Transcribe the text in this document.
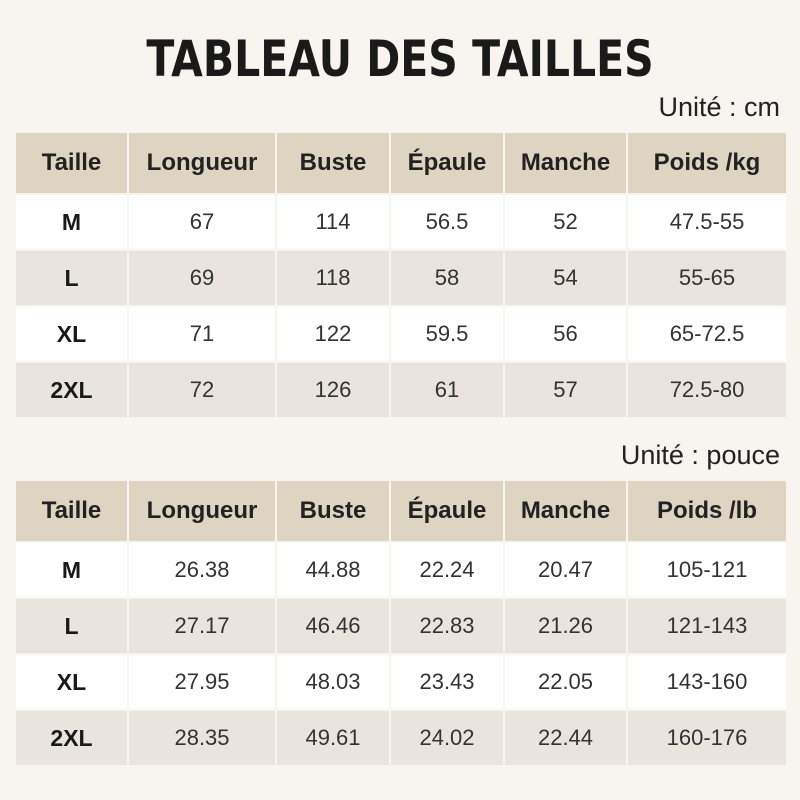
TABLEAU DES TAILLES
Unité : cm
Taille	Longueur	Buste	Épaule	Manche	Poids /kg
M	67	114	56.5	52	47.5-55
L	69	118	58	54	55-65
XL	71	122	59.5	56	65-72.5
2XL	72	126	61	57	72.5-80
Unité : pouce
Taille	Longueur	Buste	Épaule	Manche	Poids /lb
M	26.38	44.88	22.24	20.47	105-121
L	27.17	46.46	22.83	21.26	121-143
XL	27.95	48.03	23.43	22.05	143-160
2XL	28.35	49.61	24.02	22.44	160-176
